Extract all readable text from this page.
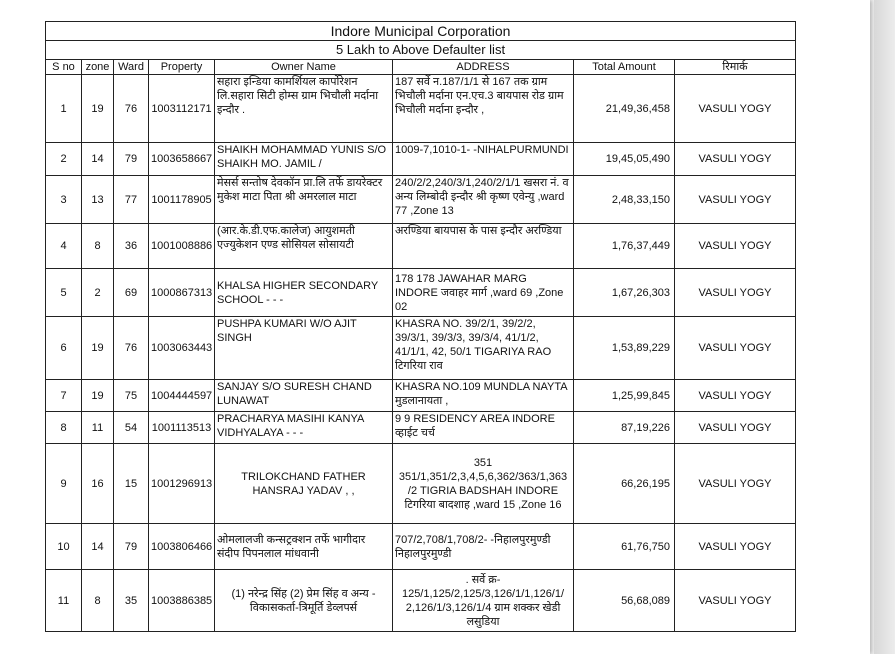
Indore Municipal Corporation							
5 Lakh to Above Defaulter list							
S no	zone	Ward	Property	Owner Name	ADDRESS	Total Amount	रिमार्क
1	19	76	1003112171	सहारा इन्डिया कामर्शियल कार्पोरेशन लि.सहारा सिटी होम्स ग्राम भिचौली मर्दाना इन्दौर .	187 सर्वे न.187/1/1 से 167 तक ग्राम भिचौली मर्दाना एन.एच.3 बायपास रोड ग्राम भिचौली मर्दाना इन्दौर ,	21,49,36,458	VASULI YOGY
2	14	79	1003658667	SHAIKH MOHAMMAD YUNIS S/O SHAIKH MO. JAMIL /	1009-7,1010-1- -NIHALPURMUNDI	19,45,05,490	VASULI YOGY
3	13	77	1001178905	मेसर्स सन्तोष देवकॉन प्रा.लि तर्फे डायरेक्टर मुकेश माटा पिता श्री अमरलाल माटा	240/2/2,240/3/1,240/2/1/1 खसरा नं. व अन्य लिम्बोदी इन्दौर श्री कृष्ण एवेन्यु ,ward 77 ,Zone 13	2,48,33,150	VASULI YOGY
4	8	36	1001008886	(आर.के.डी.एफ.कालेज) आयुशमती एज्युकेशन एण्ड सोसियल सोसायटी	अरण्डिया बायपास के पास इन्दौर अरण्डिया	1,76,37,449	VASULI YOGY
5	2	69	1000867313	KHALSA HIGHER SECONDARY SCHOOL - - -	178 178 JAWAHAR MARG INDORE जवाहर मार्ग ,ward 69 ,Zone 02	1,67,26,303	VASULI YOGY
6	19	76	1003063443	PUSHPA KUMARI W/O AJIT SINGH	KHASRA NO. 39/2/1, 39/2/2, 39/3/1, 39/3/3, 39/3/4, 41/1/2, 41/1/1, 42, 50/1 TIGARIYA RAO टिगरिया राव	1,53,89,229	VASULI YOGY
7	19	75	1004444597	SANJAY S/O SURESH CHAND LUNAWAT	KHASRA NO.109 MUNDLA NAYTA मुडलानायता ,	1,25,99,845	VASULI YOGY
8	11	54	1001113513	PRACHARYA MASIHI KANYA VIDHYALAYA - - -	9 9 RESIDENCY AREA INDORE व्हाईट चर्च	87,19,226	VASULI YOGY
9	16	15	1001296913	TRILOKCHAND FATHER HANSRAJ YADAV , ,	351 351/1,351/2,3,4,5,6,362/363/1,363 /2 TIGRIA BADSHAH INDORE टिगरिया बादशाह ,ward 15 ,Zone 16	66,26,195	VASULI YOGY
10	14	79	1003806466	ओमलालजी कन्सट्रक्शन तर्फे भागीदार संदीप पिपनलाल मांधवानी	707/2,708/1,708/2- -निहालपुरमुण्डी निहालपुरमुण्डी	61,76,750	VASULI YOGY
11	8	35	1003886385	(1) नरेन्द्र सिंह (2) प्रेम सिंह व अन्य - विकासकर्ता-त्रिमूर्ति डेव्लपर्स	. सर्वे क्र- 125/1,125/2,125/3,126/1/1,126/1/ 2,126/1/3,126/1/4 ग्राम शक्कर खेडी लसुडिया	56,68,089	VASULI YOGY
